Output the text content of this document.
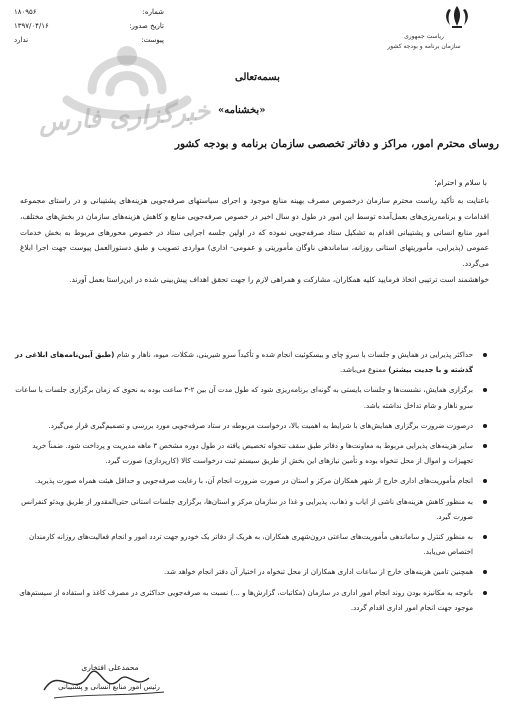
خبرگزاری فارس
شماره:
۱۸۰۹۵۶
تاریخ صدور:
۱۳۹۷/۰۴/۱۶
پیوست:
ندارد	ریاست جمهوری
سازمان برنامه و بودجه کشور
بسمه‌تعالی
«بخشنامه»
روسای محترم امور، مراکز و دفاتر تخصصی سازمان برنامه و بودجه کشور
با سلام و احترام؛

باعنایت به تأکید ریاست محترم سازمان درخصوص مصرف بهینه منابع موجود و اجرای سیاستهای صرفه‌جویی هزینه‌های پشتیبانی و در راستای مجموعه اقدامات و برنامه‌ریزی‌های بعمل‌آمده توسط این امور در طول دو سال اخیر در خصوص صرفه‌جویی منابع و کاهش هزینه‌های سازمان در بخش‌های مختلف، امور منابع انسانی و پشتیبانی اقدام به تشکیل ستاد صرفه‌جویی نموده که در اولین جلسه اجرایی ستاد در خصوص محورهای مربوط به بخش خدمات عمومی (پذیرایی، مأموریتهای استانی روزانه، ساماندهی ناوگان مأموریتی و عمومی- اداری) مواردی تصویب و طبق دستورالعمل پیوست جهت اجرا ابلاغ می‌گردد.

خواهشمند است ترتیبی اتخاذ فرمایید کلیه همکاران، مشارکت و همراهی لازم را جهت تحقق اهداف پیش‌بینی شده در این‌راستا بعمل آورند.

حداکثر پذیرایی در همایش و جلسات با سرو چای و بیسکوئیت انجام شده و تأکیداً سرو شیرینی، شکلات، میوه، ناهار و شام (طبق آیین‌نامه‌های ابلاغی در گذشته و با جدیت بیشتر) ممنوع می‌باشد.
برگزاری همایش، نشست‌ها و جلسات بایستی به گونه‌ای برنامه‌ریزی شود که طول مدت آن بین ۲-۳ ساعت بوده به نحوی که زمان برگزاری جلسات با ساعات سرو ناهار و شام تداخل نداشته باشد.
درصورت ضرورت برگزاری همایش‌های با شرایط به اهمیت بالا، درخواست مربوطه در ستاد صرفه‌جویی مورد بررسی و تصمیم‌گیری قرار می‌گیرد.
سایر هزینه‌های پذیرایی مربوط به معاونت‌ها و دفاتر طبق سقف تنخواه تخصیص یافته در طول دوره مشخص ۳ ماهه مدیریت و پرداخت شود. ضمناً خرید تجهیزات و اموال از محل تنخواه بوده و تأمین نیازهای این بخش از طریق سیستم ثبت درخواست کالا (کارپردازی) صورت گیرد.
انجام مأموریت‌های اداری خارج از شهر همکاران مرکز و استان در صورت ضرورت انجام آن، با رعایت صرفه‌جویی و حداقل هیئت همراه صورت پذیرید.
به منظور کاهش هزینه‌های ناشی از ایاب و ذهاب، پذیرایی و غذا در سازمان مرکز و استان‌ها، برگزاری جلسات استانی حتی‌المقدور از طریق ویدئو کنفرانس صورت گیرد.
به منظور کنترل و ساماندهی مأموریت‌های ساعتی درون‌شهری همکاران، به هریک از دفاتر یک خودرو جهت تردد امور و انجام فعالیت‌های روزانه کارمندان اختصاص می‌یابد.
همچنین تامین هزینه‌های خارج از ساعات اداری همکاران از محل تنخواه در اختیار آن دفتر انجام خواهد شد.
باتوجه به مکانیزه بودن روند انجام امور اداری در سازمان (مکاتبات، گزارش‌ها و ...) نسبت به صرفه‌جویی حداکثری در مصرف کاغذ و استفاده از سیستم‌های موجود جهت انجام امور اداری اقدام گردد.
محمدعلی افتخاری
رئیس امور منابع انسانی و پشتیبانی
